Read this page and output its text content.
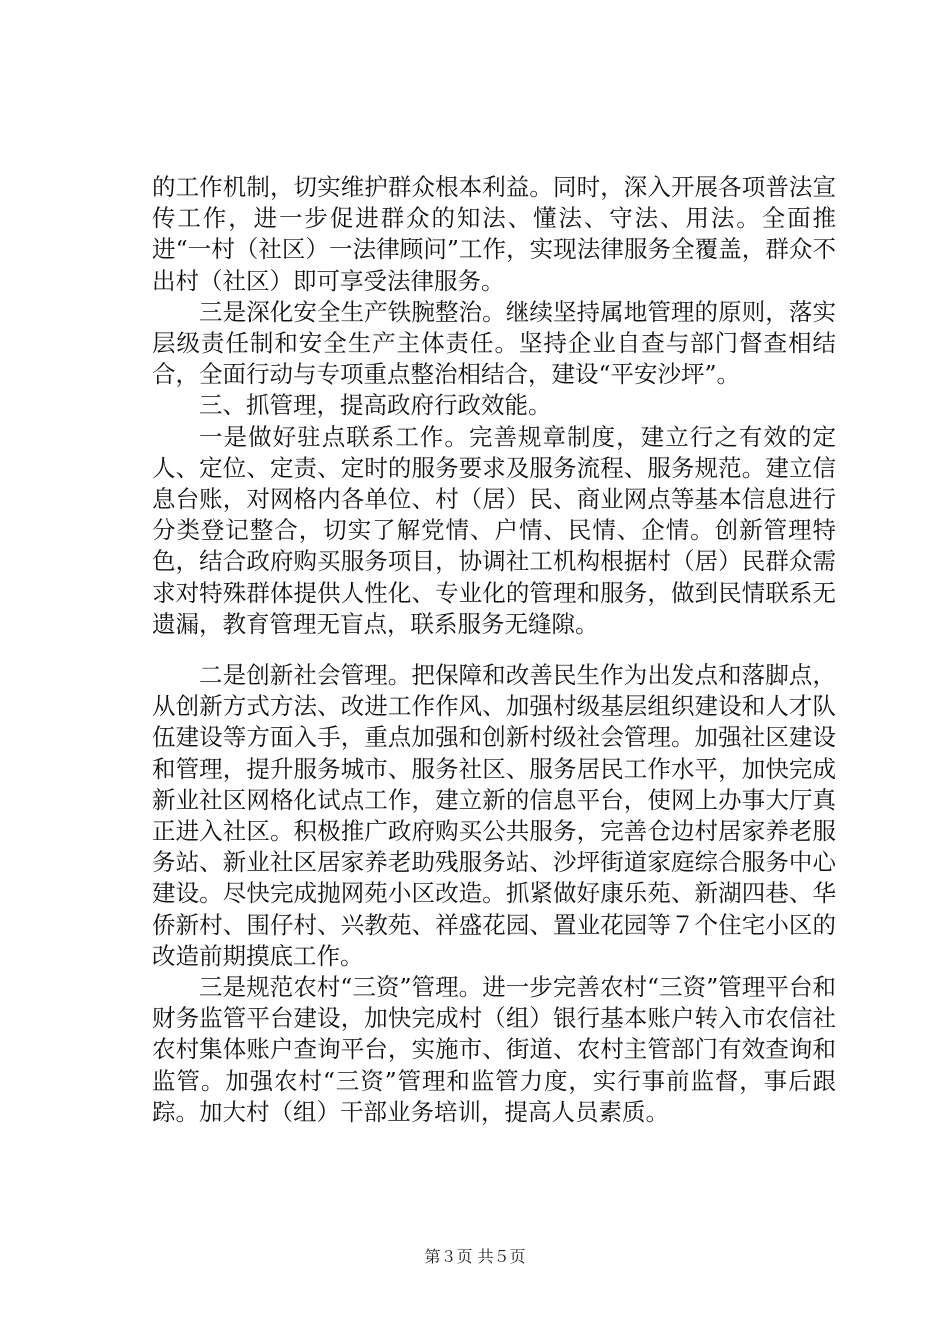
的工作机制，切实维护群众根本利益。同时，深入开展各项普法宣传工作，进一步促进群众的知法、懂法、守法、用法。全面推进“一村（社区）一法律顾问”工作，实现法律服务全覆盖，群众不出村（社区）即可享受法律服务。

三是深化安全生产铁腕整治。继续坚持属地管理的原则，落实层级责任制和安全生产主体责任。坚持企业自查与部门督查相结合，全面行动与专项重点整治相结合，建设“平安沙坪”。

三、抓管理，提高政府行政效能。

一是做好驻点联系工作。完善规章制度，建立行之有效的定人、定位、定责、定时的服务要求及服务流程、服务规范。建立信息台账，对网格内各单位、村（居）民、商业网点等基本信息进行分类登记整合，切实了解党情、户情、民情、企情。创新管理特色，结合政府购买服务项目，协调社工机构根据村（居）民群众需求对特殊群体提供人性化、专业化的管理和服务，做到民情联系无遗漏，教育管理无盲点，联系服务无缝隙。

二是创新社会管理。把保障和改善民生作为出发点和落脚点，从创新方式方法、改进工作作风、加强村级基层组织建设和人才队伍建设等方面入手，重点加强和创新村级社会管理。加强社区建设和管理，提升服务城市、服务社区、服务居民工作水平，加快完成新业社区网格化试点工作，建立新的信息平台，使网上办事大厅真正进入社区。积极推广政府购买公共服务，完善仓边村居家养老服务站、新业社区居家养老助残服务站、沙坪街道家庭综合服务中心建设。尽快完成抛网苑小区改造。抓紧做好康乐苑、新湖四巷、华侨新村、围仔村、兴教苑、祥盛花园、置业花园等７个住宅小区的改造前期摸底工作。

三是规范农村“三资”管理。进一步完善农村“三资”管理平台和财务监管平台建设，加快完成村（组）银行基本账户转入市农信社农村集体账户查询平台，实施市、街道、农村主管部门有效查询和监管。加强农村“三资”管理和监管力度，实行事前监督，事后跟踪。加大村（组）干部业务培训，提高人员素质。

第３页 共５页
